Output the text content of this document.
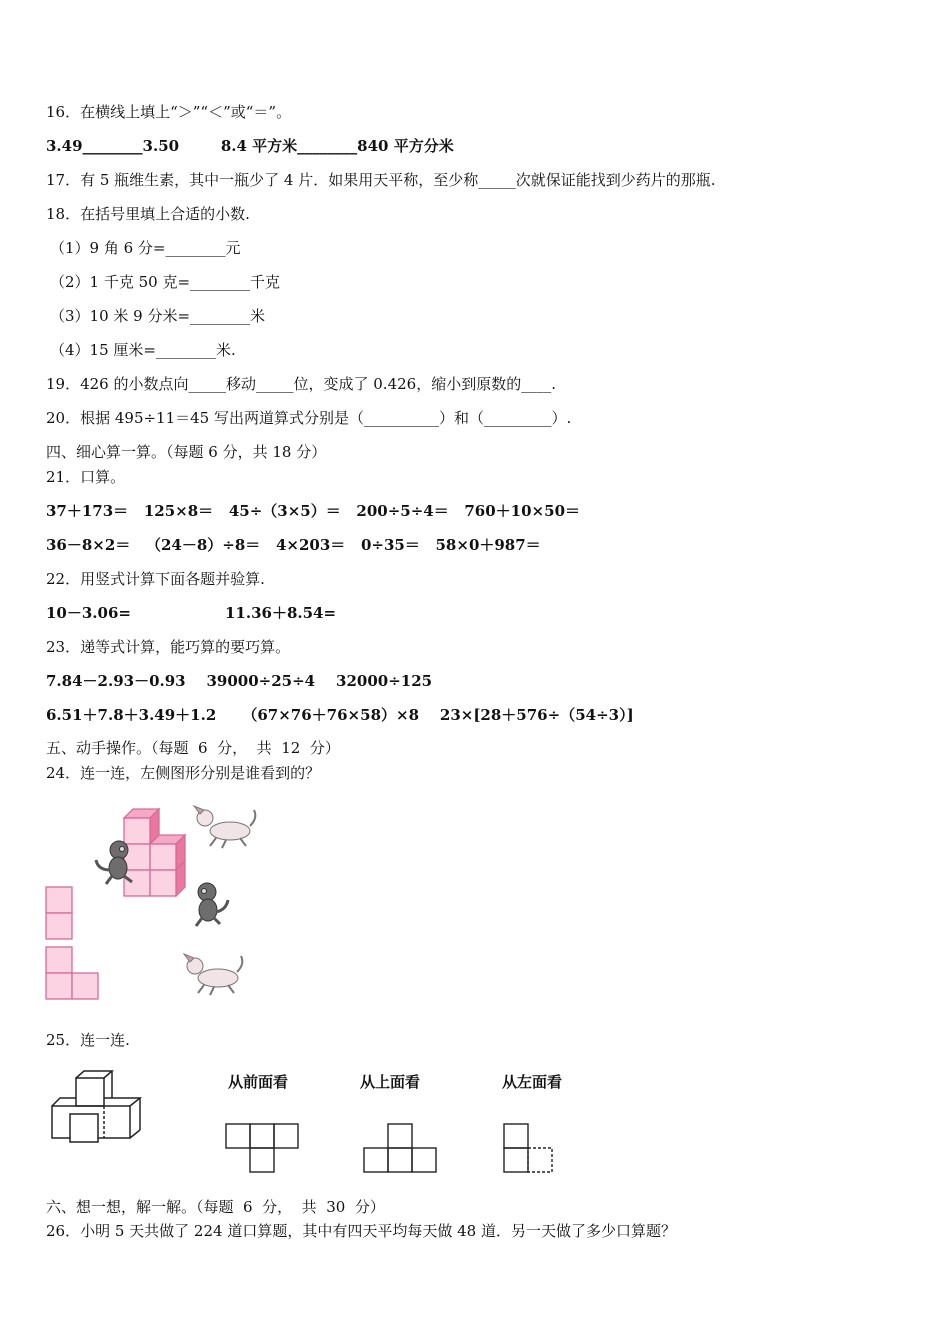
16．在横线上填上“＞”“＜”或“＝”。
3.49________3.50        8.4 平方米________840 平方分米
17．有 5 瓶维生素，其中一瓶少了 4 片．如果用天平称，至少称_____次就保证能找到少药片的那瓶.
18．在括号里填上合适的小数.
（1）9 角 6 分=________元
（2）1 千克 50 克=________千克
（3）10 米 9 分米=________米
（4）15 厘米=________米.
19．426 的小数点向_____移动_____位，变成了 0.426，缩小到原数的____.
20．根据 495÷11＝45 写出两道算式分别是（__________）和（_________）.
四、细心算一算。（每题 6 分，共 18 分）
21．口算。
37＋173＝   125×8＝   45÷（3×5）＝   200÷5÷4＝   760＋10×50＝
36－8×2＝   （24－8）÷8＝   4×203＝   0÷35＝   58×0＋987＝
22．用竖式计算下面各题并验算.
10－3.06=                  11.36＋8.54=
23．递等式计算，能巧算的要巧算。
7.84－2.93－0.93    39000÷25÷4    32000÷125
6.51＋7.8＋3.49＋1.2     （67×76＋76×58）×8    23×[28＋576÷（54÷3）]
五、动手操作。（每题  6  分，  共  12  分）
24．连一连，左侧图形分别是谁看到的？
25．连一连.
从前面看	从上面看	从左面看
六、想一想，解一解。（每题  6  分，  共  30  分）
26．小明 5 天共做了 224 道口算题，其中有四天平均每天做 48 道．另一天做了多少口算题？
